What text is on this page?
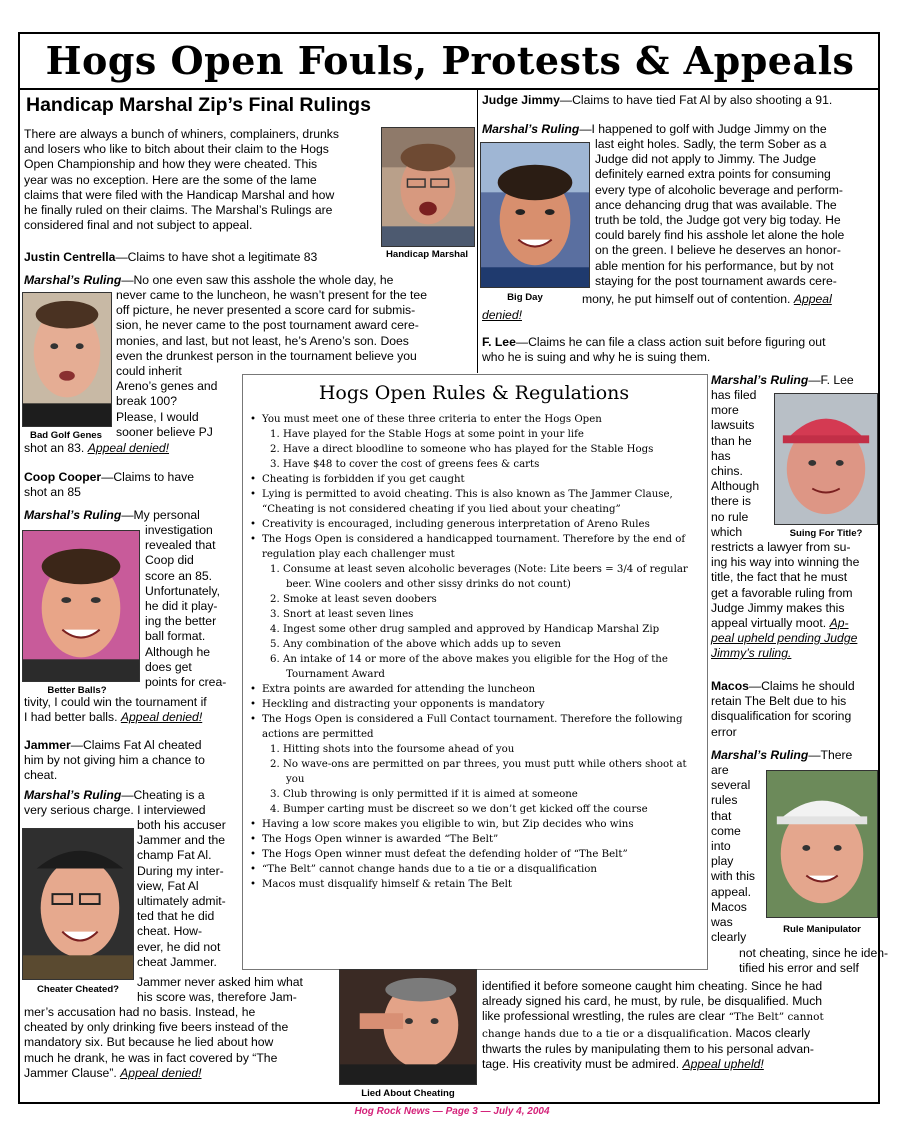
Hogs Open Fouls, Protests & Appeals
Handicap Marshal Zip’s Final Rulings
There are always a bunch of whiners, complainers, drunks
and losers who like to bitch about their claim to the Hogs
Open Championship and how they were cheated. This
year was no exception. Here are the some of the lame
claims that were filed with the Handicap Marshal and how
he finally ruled on their claims. The Marshal’s Rulings are
considered final and not subject to appeal.
Justin Centrella—Claims to have shot a legitimate 83
Marshal’s Ruling—No one even saw this asshole the whole day, he
never came to the luncheon, he wasn’t present for the tee
off picture, he never presented a score card for submis-
sion, he never came to the post tournament award cere-
monies, and last, but not least, he’s Areno’s son. Does
even the drunkest person in the tournament believe you
could inherit
Areno’s genes and
break 100?
Please, I would
sooner believe PJ
shot an 83. Appeal denied!
Coop Cooper—Claims to have
shot an 85
Marshal’s Ruling—My personal
investigation
revealed that
Coop did
score an 85.
Unfortunately,
he did it play-
ing the better
ball format.
Although he
does get
points for crea-
tivity, I could win the tournament if
I had better balls. Appeal denied!
Jammer—Claims Fat Al cheated
him by not giving him a chance to
cheat.
Marshal’s Ruling—Cheating is a
very serious charge. I interviewed
both his accuser
Jammer and the
champ Fat Al.
During my inter-
view, Fat Al
ultimately admit-
ted that he did
cheat. How-
ever, he did not
cheat Jammer.
Jammer never asked him what
his score was, therefore Jam-
mer’s accusation had no basis. Instead, he
cheated by only drinking five beers instead of the
mandatory six. But because he lied about how
much he drank, he was in fact covered by “The
Jammer Clause”. Appeal denied!
Judge Jimmy—Claims to have tied Fat Al by also shooting a 91.
Marshal’s Ruling—I happened to golf with Judge Jimmy on the
last eight holes. Sadly, the term Sober as a
Judge did not apply to Jimmy. The Judge
definitely earned extra points for consuming
every type of alcoholic beverage and perform-
ance dehancing drug that was available. The
truth be told, the Judge got very big today. He
could barely find his asshole let alone the hole
on the green. I believe he deserves an honor-
able mention for his performance, but by not
staying for the post tournament awards cere-
mony, he put himself out of contention. Appeal
denied!
F. Lee—Claims he can file a class action suit before figuring out
who he is suing and why he is suing them.
Marshal’s Ruling—F. Lee
has filed
more
lawsuits
than he
has
chins.
Although
there is
no rule
which
restricts a lawyer from su-
ing his way into winning the
title, the fact that he must
get a favorable ruling from
Judge Jimmy makes this
appeal virtually moot. Ap-
peal upheld pending Judge
Jimmy’s ruling.
Macos—Claims he should
retain The Belt due to his
disqualification for scoring
error
Marshal’s Ruling—There
are
several
rules
that
come
into
play
with this
appeal.
Macos
was
clearly
not cheating, since he iden-
tified his error and self
identified it before someone caught him cheating. Since he had
already signed his card, he must, by rule, be disqualified. Much
like professional wrestling, the rules are clear “The Belt” cannot
change hands due to a tie or a disqualification. Macos clearly
thwarts the rules by manipulating them to his personal advan-
tage. His creativity must be admired. Appeal upheld!
Hogs Open Rules & Regulations
• You must meet one of these three criteria to enter the Hogs Open
1. Have played for the Stable Hogs at some point in your life
2. Have a direct bloodline to someone who has played for the Stable Hogs
3. Have $48 to cover the cost of greens fees & carts
• Cheating is forbidden if you get caught
• Lying is permitted to avoid cheating. This is also known as The Jammer Clause, “Cheating is not considered cheating if you lied about your cheating”
• Creativity is encouraged, including generous interpretation of Areno Rules
• The Hogs Open is considered a handicapped tournament. Therefore by the end of regulation play each challenger must
1. Consume at least seven alcoholic beverages (Note: Lite beers = 3/4 of regular beer. Wine coolers and other sissy drinks do not count)
2. Smoke at least seven doobers
3. Snort at least seven lines
4. Ingest some other drug sampled and approved by Handicap Marshal Zip
5. Any combination of the above which adds up to seven
6. An intake of 14 or more of the above makes you eligible for the Hog of the Tournament Award
• Extra points are awarded for attending the luncheon
• Heckling and distracting your opponents is mandatory
• The Hogs Open is considered a Full Contact tournament. Therefore the following actions are permitted
1. Hitting shots into the foursome ahead of you
2. No wave-ons are permitted on par threes, you must putt while others shoot at you
3. Club throwing is only permitted if it is aimed at someone
4. Bumper carting must be discreet so we don’t get kicked off the course
• Having a low score makes you eligible to win, but Zip decides who wins
• The Hogs Open winner is awarded “The Belt”
• The Hogs Open winner must defeat the defending holder of “The Belt”
• “The Belt” cannot change hands due to a tie or a disqualification
• Macos must disqualify himself & retain The Belt
Handicap Marshal
Big Day
Bad Golf Genes
Suing For Title?
Better Balls?
Rule Manipulator
Cheater Cheated?
Lied About Cheating
Hog Rock News — Page 3 — July 4, 2004
